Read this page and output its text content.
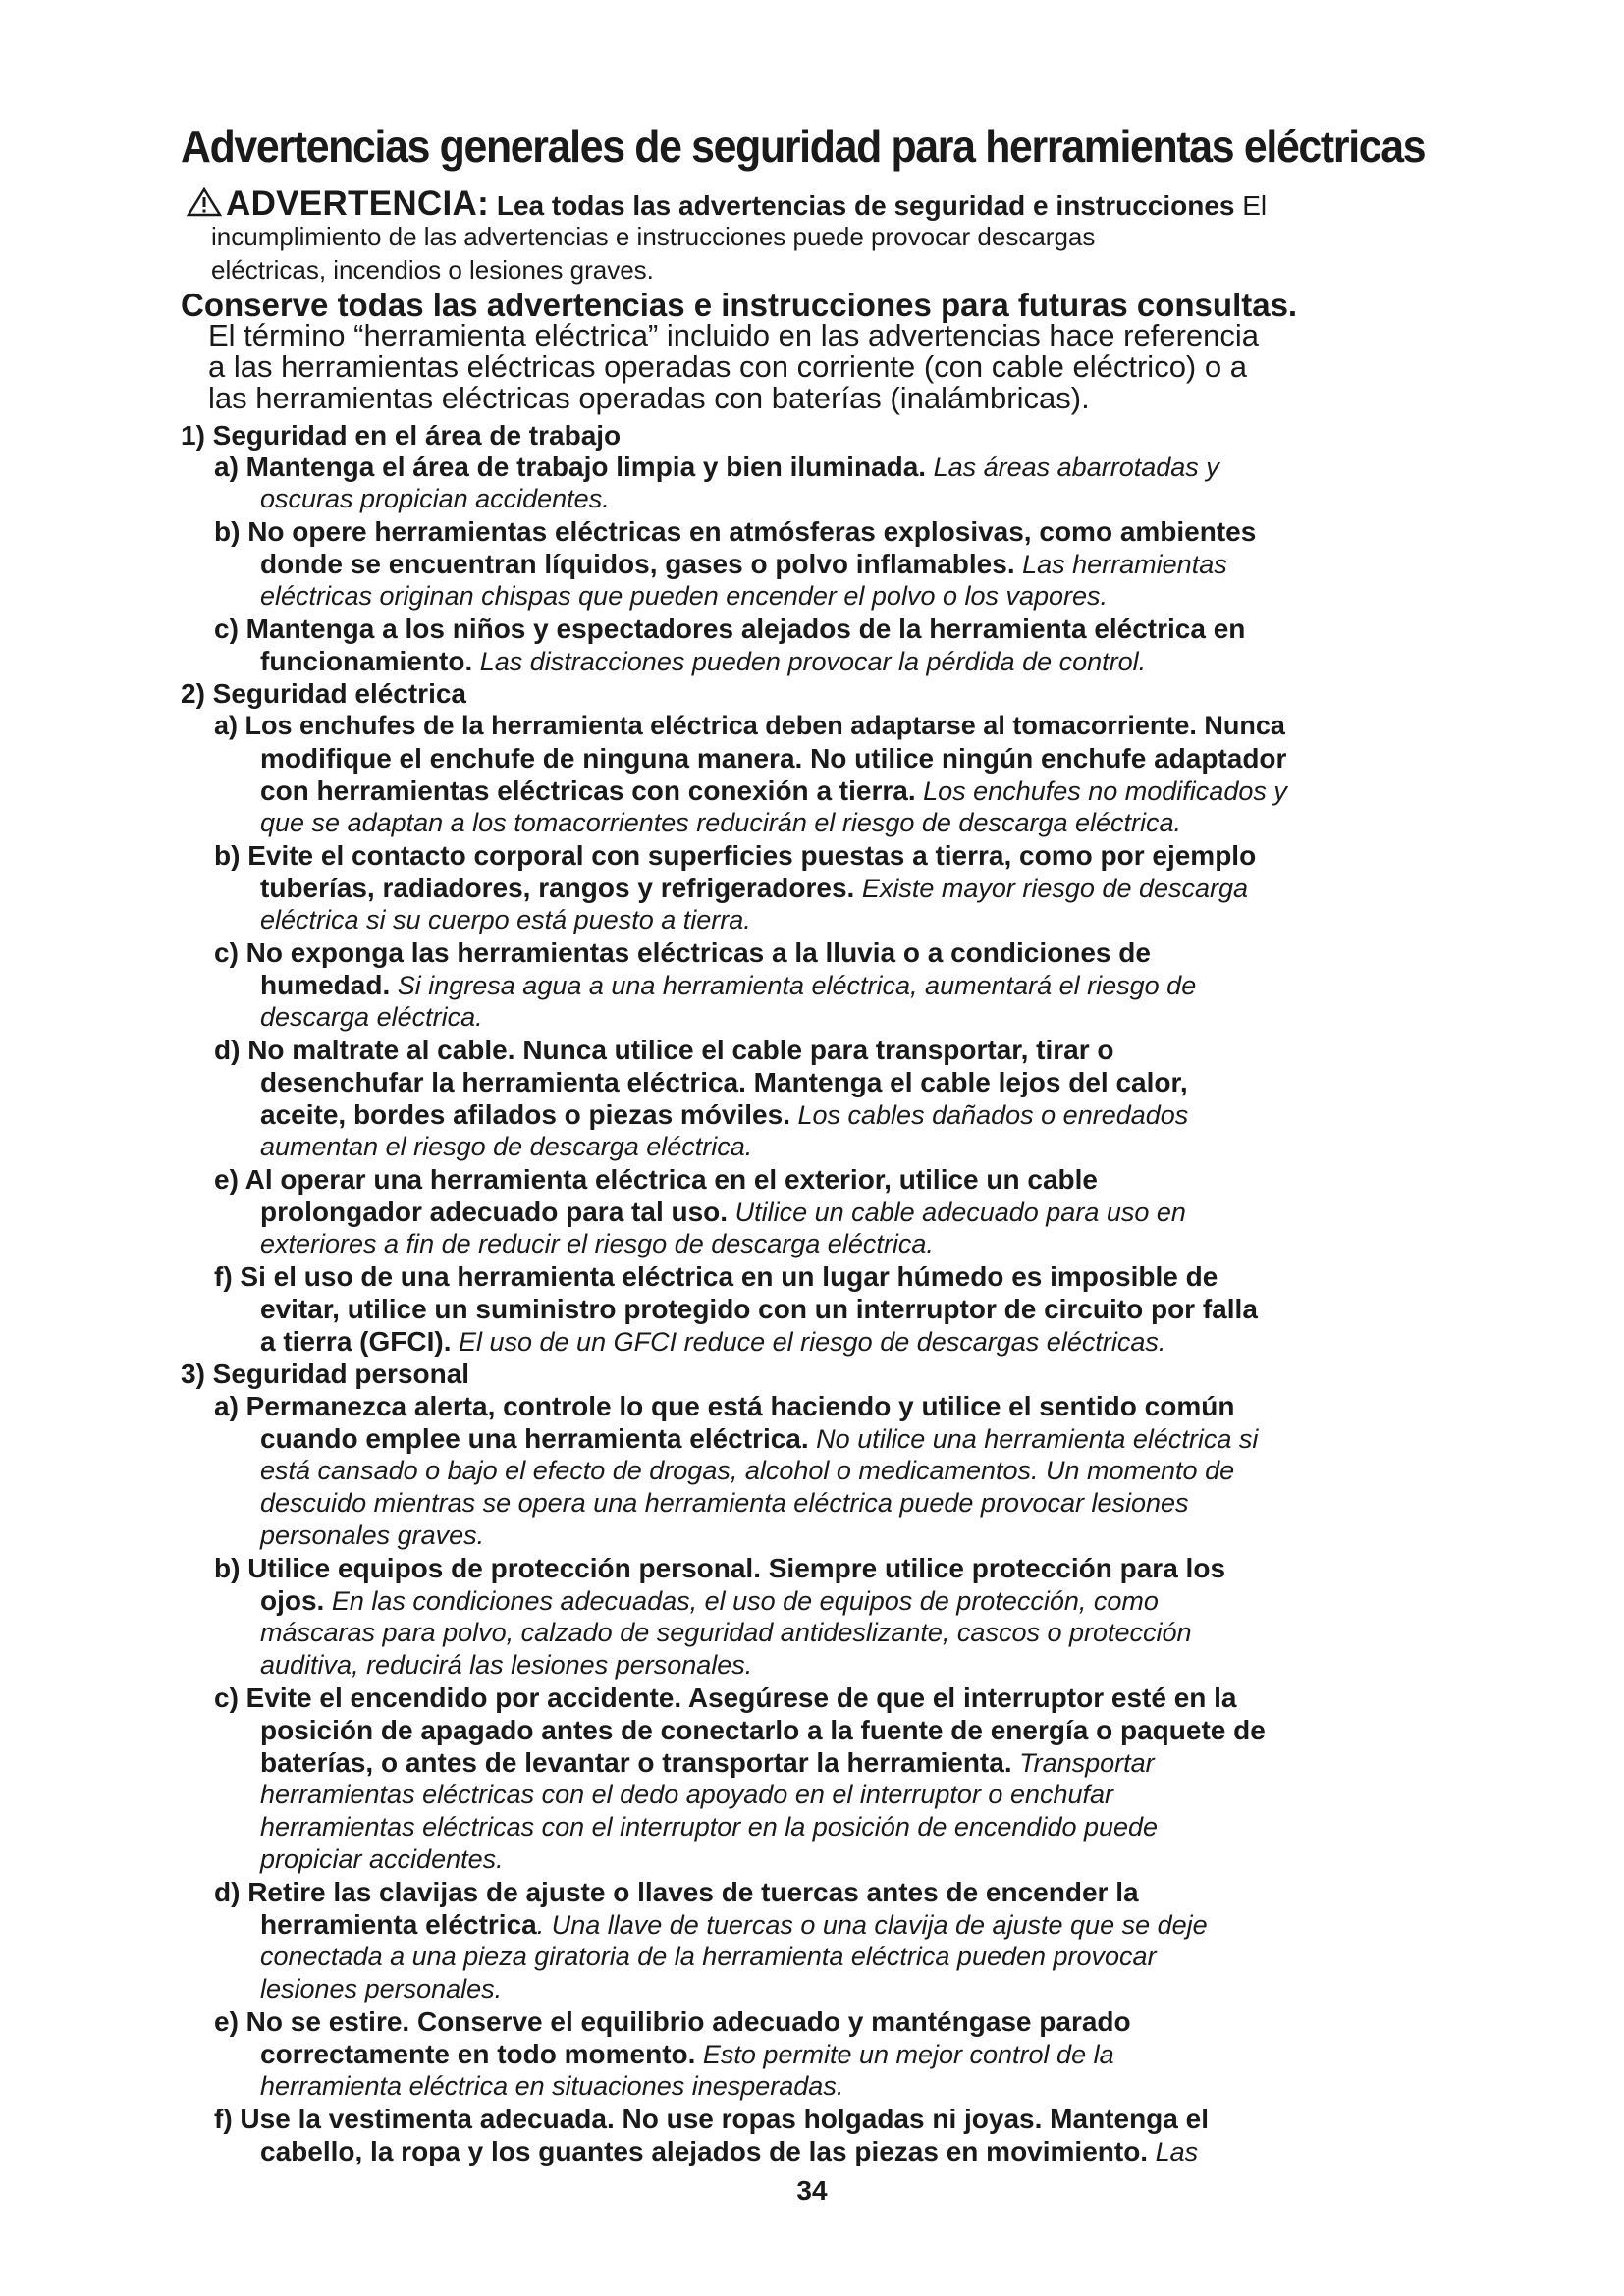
Advertencias generales de seguridad para herramientas eléctricas
ADVERTENCIA: Lea todas las advertencias de seguridad e instrucciones El
incumplimiento de las advertencias e instrucciones puede provocar descargas
eléctricas, incendios o lesiones graves.
Conserve todas las advertencias e instrucciones para futuras consultas.
El término “herramienta eléctrica” incluido en las advertencias hace referencia
a las herramientas eléctricas operadas con corriente (con cable eléctrico) o a
las herramientas eléctricas operadas con baterías (inalámbricas).
1) Seguridad en el área de trabajo
a) Mantenga el área de trabajo limpia y bien iluminada. Las áreas abarrotadas y
oscuras propician accidentes.
b) No opere herramientas eléctricas en atmósferas explosivas, como ambientes
donde se encuentran líquidos, gases o polvo inflamables. Las herramientas
eléctricas originan chispas que pueden encender el polvo o los vapores.
c) Mantenga a los niños y espectadores alejados de la herramienta eléctrica en
funcionamiento. Las distracciones pueden provocar la pérdida de control.
2) Seguridad eléctrica
a) Los enchufes de la herramienta eléctrica deben adaptarse al tomacorriente. Nunca
modifique el enchufe de ninguna manera. No utilice ningún enchufe adaptador
con herramientas eléctricas con conexión a tierra. Los enchufes no modificados y
que se adaptan a los tomacorrientes reducirán el riesgo de descarga eléctrica.
b) Evite el contacto corporal con superficies puestas a tierra, como por ejemplo
tuberías, radiadores, rangos y refrigeradores. Existe mayor riesgo de descarga
eléctrica si su cuerpo está puesto a tierra.
c) No exponga las herramientas eléctricas a la lluvia o a condiciones de
humedad. Si ingresa agua a una herramienta eléctrica, aumentará el riesgo de
descarga eléctrica.
d) No maltrate al cable. Nunca utilice el cable para transportar, tirar o
desenchufar la herramienta eléctrica. Mantenga el cable lejos del calor,
aceite, bordes afilados o piezas móviles. Los cables dañados o enredados
aumentan el riesgo de descarga eléctrica.
e) Al operar una herramienta eléctrica en el exterior, utilice un cable
prolongador adecuado para tal uso. Utilice un cable adecuado para uso en
exteriores a fin de reducir el riesgo de descarga eléctrica.
f) Si el uso de una herramienta eléctrica en un lugar húmedo es imposible de
evitar, utilice un suministro protegido con un interruptor de circuito por falla
a tierra (GFCI). El uso de un GFCI reduce el riesgo de descargas eléctricas.
3) Seguridad personal
a) Permanezca alerta, controle lo que está haciendo y utilice el sentido común
cuando emplee una herramienta eléctrica. No utilice una herramienta eléctrica si
está cansado o bajo el efecto de drogas, alcohol o medicamentos. Un momento de
descuido mientras se opera una herramienta eléctrica puede provocar lesiones
personales graves.
b) Utilice equipos de protección personal. Siempre utilice protección para los
ojos. En las condiciones adecuadas, el uso de equipos de protección, como
máscaras para polvo, calzado de seguridad antideslizante, cascos o protección
auditiva, reducirá las lesiones personales.
c) Evite el encendido por accidente. Asegúrese de que el interruptor esté en la
posición de apagado antes de conectarlo a la fuente de energía o paquete de
baterías, o antes de levantar o transportar la herramienta. Transportar
herramientas eléctricas con el dedo apoyado en el interruptor o enchufar
herramientas eléctricas con el interruptor en la posición de encendido puede
propiciar accidentes.
d) Retire las clavijas de ajuste o llaves de tuercas antes de encender la
herramienta eléctrica. Una llave de tuercas o una clavija de ajuste que se deje
conectada a una pieza giratoria de la herramienta eléctrica pueden provocar
lesiones personales.
e) No se estire. Conserve el equilibrio adecuado y manténgase parado
correctamente en todo momento. Esto permite un mejor control de la
herramienta eléctrica en situaciones inesperadas.
f) Use la vestimenta adecuada. No use ropas holgadas ni joyas. Mantenga el
cabello, la ropa y los guantes alejados de las piezas en movimiento. Las
34
